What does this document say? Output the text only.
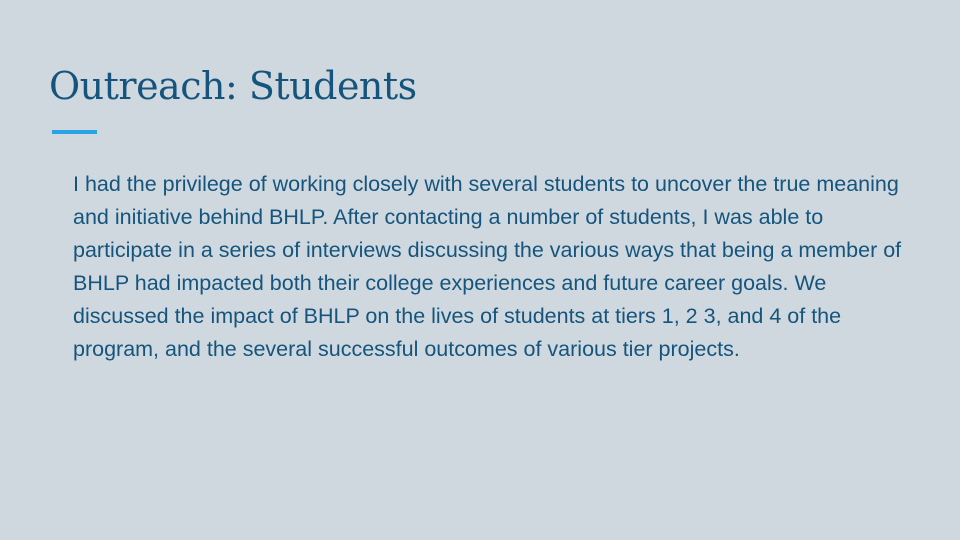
Outreach: Students

I had the privilege of working closely with several students to uncover the true meaning and initiative behind BHLP. After contacting a number of students, I was able to participate in a series of interviews discussing the various ways that being a member of BHLP had impacted both their college experiences and future career goals. We discussed the impact of BHLP on the lives of students at tiers 1, 2 3, and 4 of the program, and the several successful outcomes of various tier projects.
